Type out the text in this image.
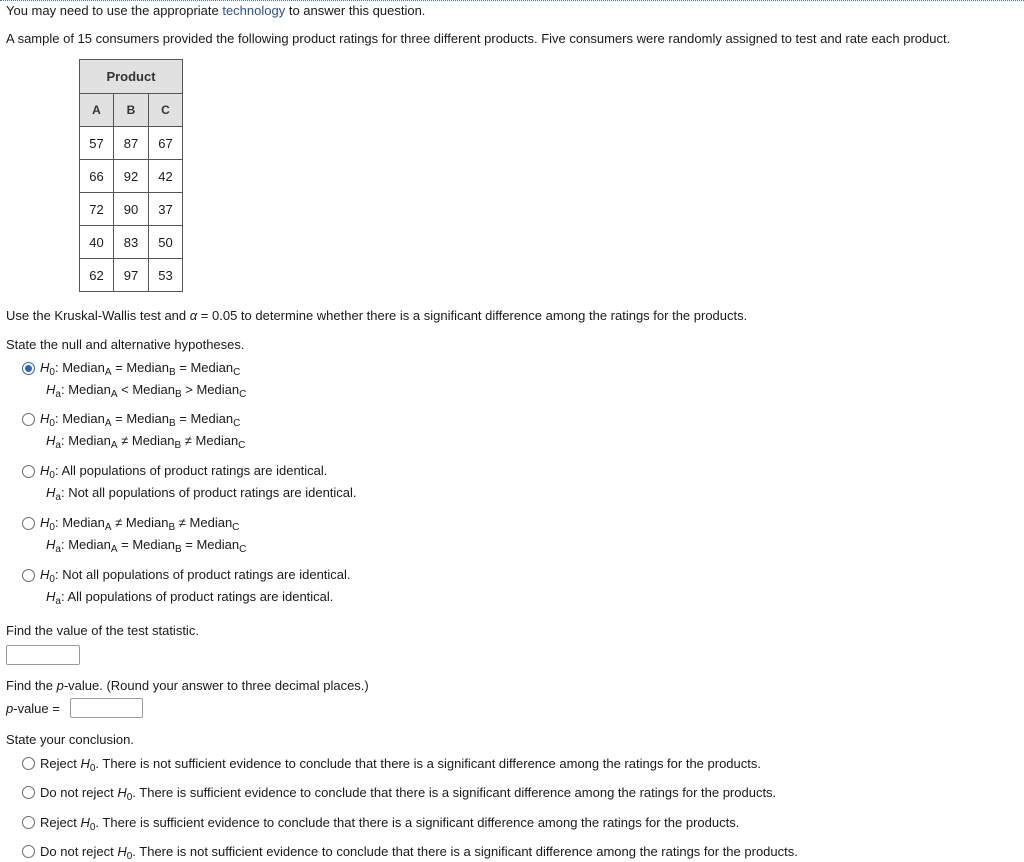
You may need to use the appropriate technology to answer this question.
A sample of 15 consumers provided the following product ratings for three different products. Five consumers were randomly assigned to test and rate each product.
Product		
A	B	C
57	87	67
66	92	42
72	90	37
40	83	50
62	97	53
Use the Kruskal-Wallis test and α = 0.05 to determine whether there is a significant difference among the ratings for the products.
State the null and alternative hypotheses.
$H_0$: Median$_A$ = Median$_B$ = Median$_C$
$H_a$: Median$_A$ < Median$_B$ > Median$_C$
$H_0$: Median$_A$ = Median$_B$ = Median$_C$
$H_a$: Median$_A$ ≠ Median$_B$ ≠ Median$_C$
$H_0$: All populations of product ratings are identical.
$H_a$: Not all populations of product ratings are identical.
$H_0$: Median$_A$ ≠ Median$_B$ ≠ Median$_C$
$H_a$: Median$_A$ = Median$_B$ = Median$_C$
$H_0$: Not all populations of product ratings are identical.
$H_a$: All populations of product ratings are identical.
Find the value of the test statistic.
Find the p-value. (Round your answer to three decimal places.)
p-value =
State your conclusion.
Reject $H_0$. There is not sufficient evidence to conclude that there is a significant difference among the ratings for the products.
Do not reject $H_0$. There is sufficient evidence to conclude that there is a significant difference among the ratings for the products.
Reject $H_0$. There is sufficient evidence to conclude that there is a significant difference among the ratings for the products.
Do not reject $H_0$. There is not sufficient evidence to conclude that there is a significant difference among the ratings for the products.
